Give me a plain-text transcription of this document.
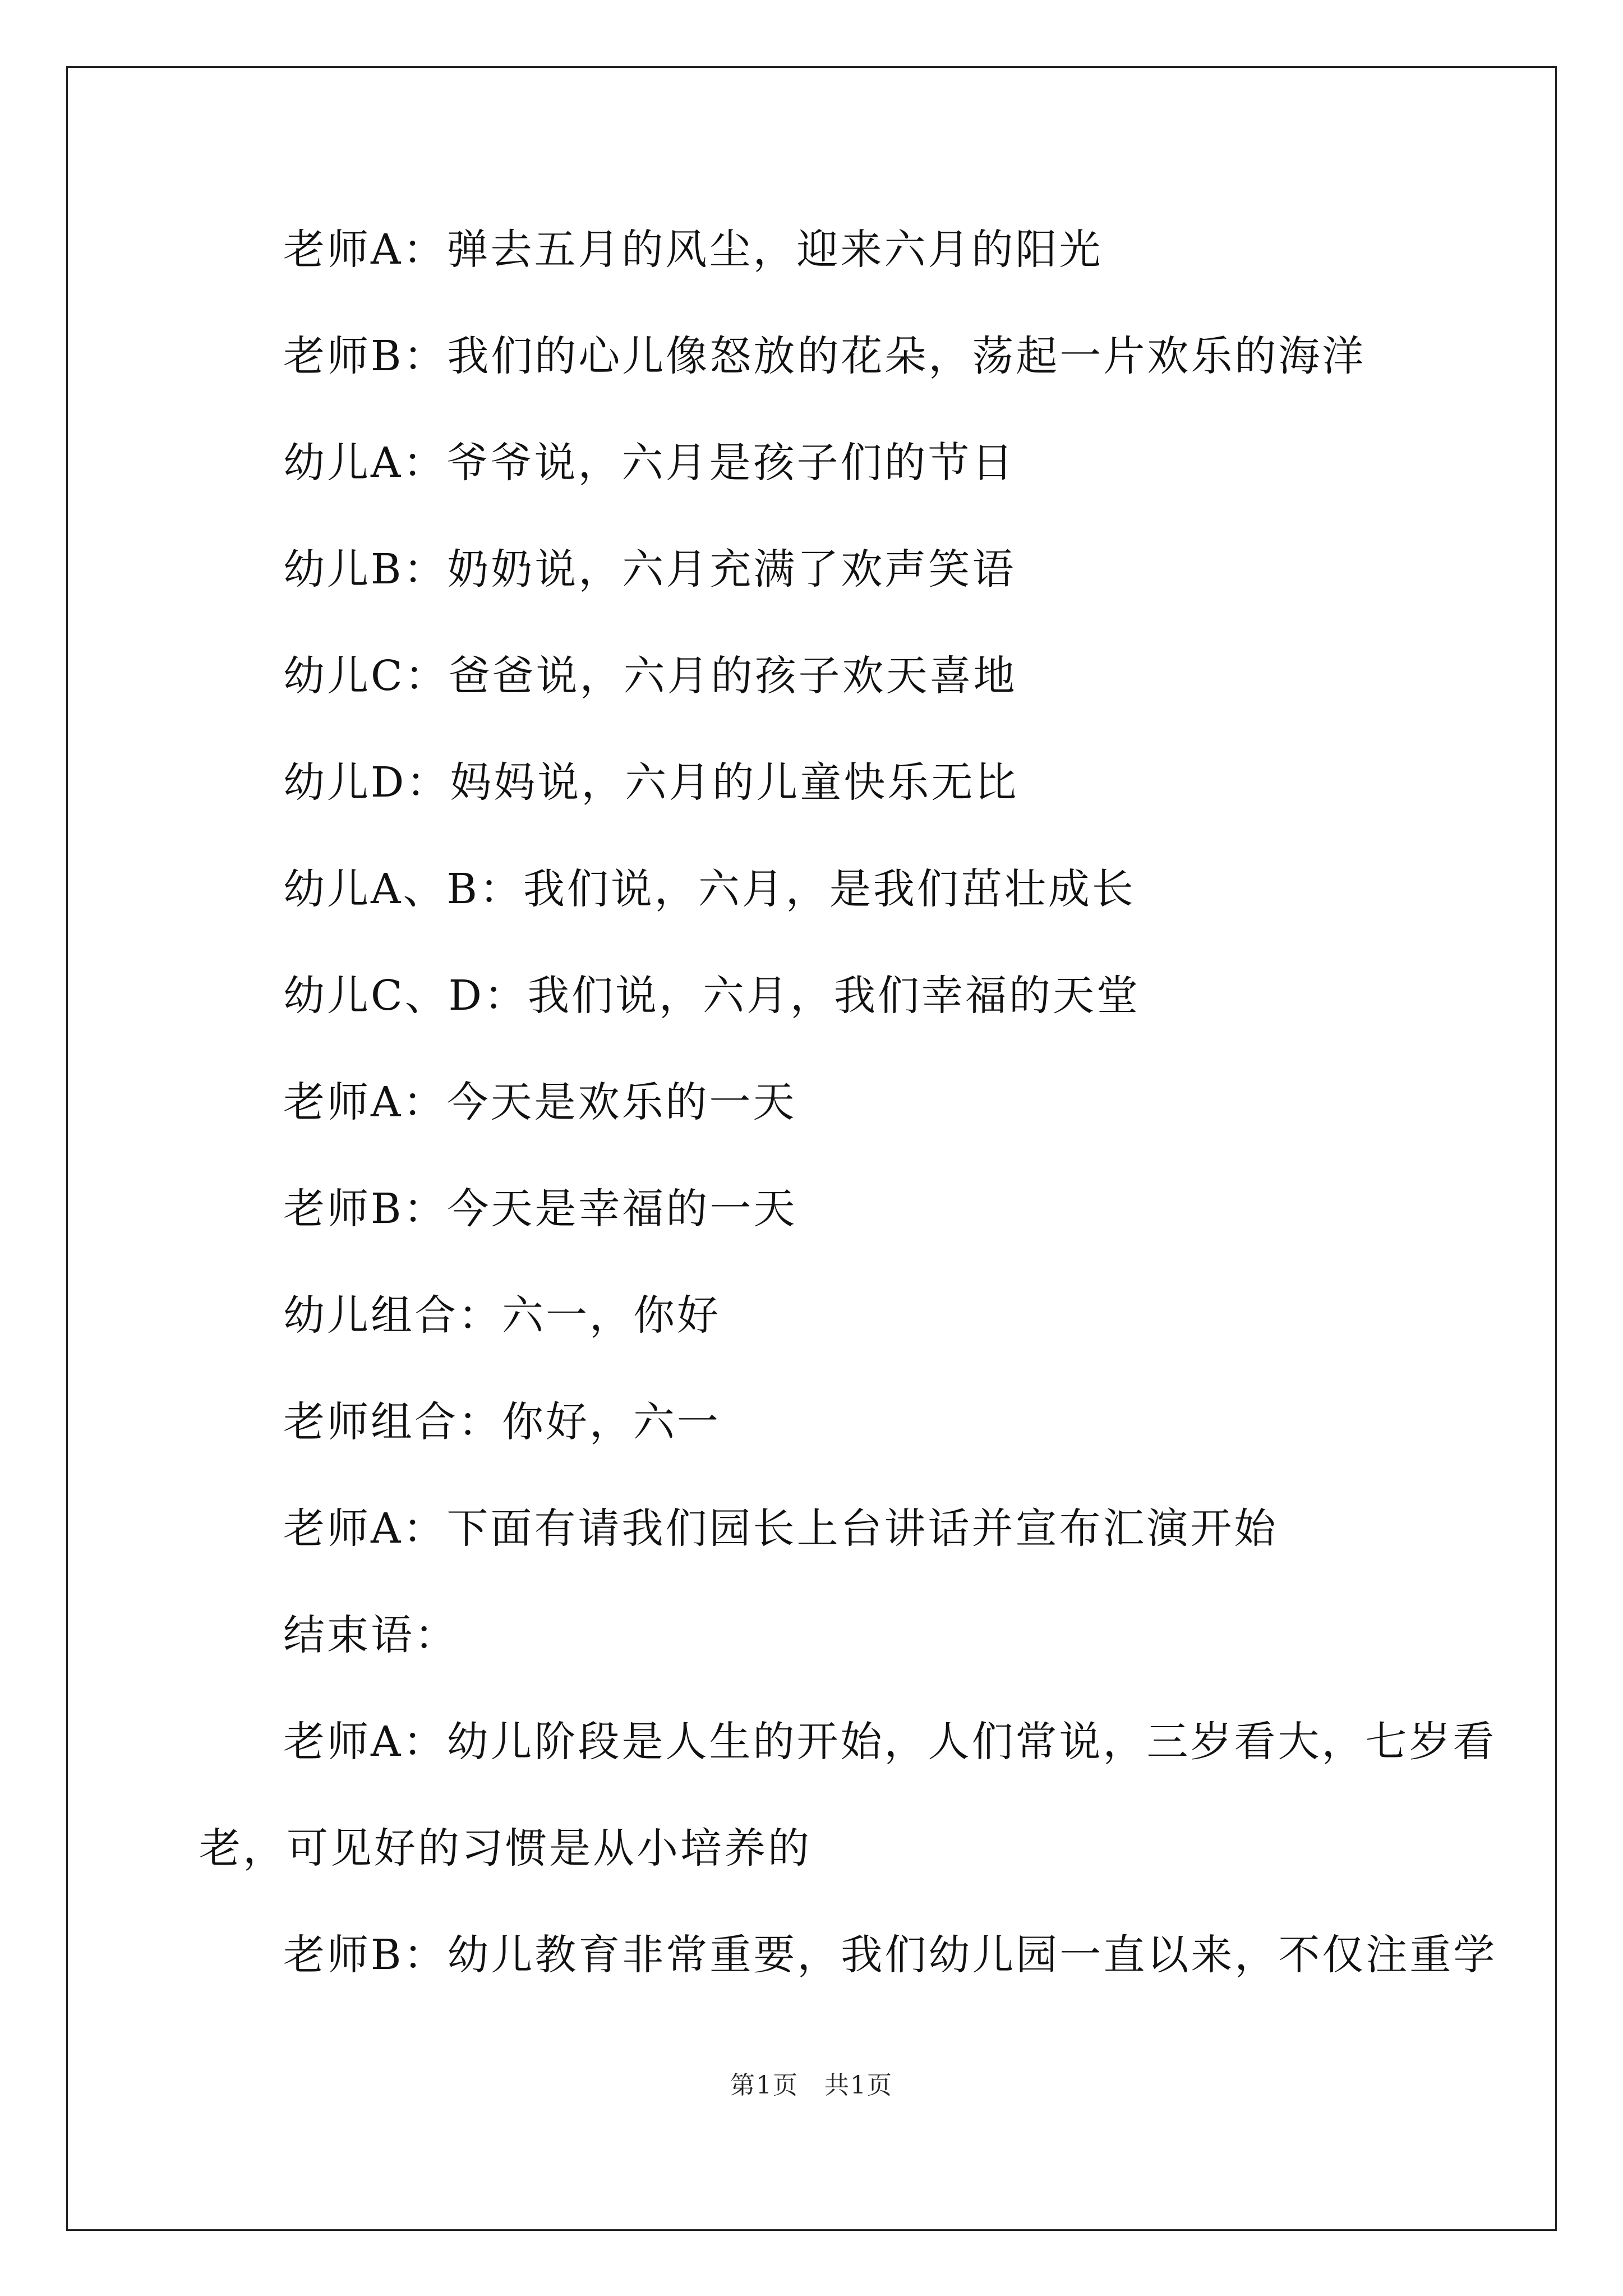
老师A：弹去五月的风尘，迎来六月的阳光
老师B：我们的心儿像怒放的花朵，荡起一片欢乐的海洋
幼儿A：爷爷说，六月是孩子们的节日
幼儿B：奶奶说，六月充满了欢声笑语
幼儿C：爸爸说，六月的孩子欢天喜地
幼儿D：妈妈说，六月的儿童快乐无比
幼儿A、B：我们说，六月，是我们茁壮成长
幼儿C、D：我们说，六月，我们幸福的天堂
老师A：今天是欢乐的一天
老师B：今天是幸福的一天
幼儿组合：六一，你好
老师组合：你好，六一
老师A：下面有请我们园长上台讲话并宣布汇演开始
结束语：
老师A：幼儿阶段是人生的开始，人们常说，三岁看大，七岁看
老，可见好的习惯是从小培养的
老师B：幼儿教育非常重要，我们幼儿园一直以来，不仅注重学
第1页　共1页
